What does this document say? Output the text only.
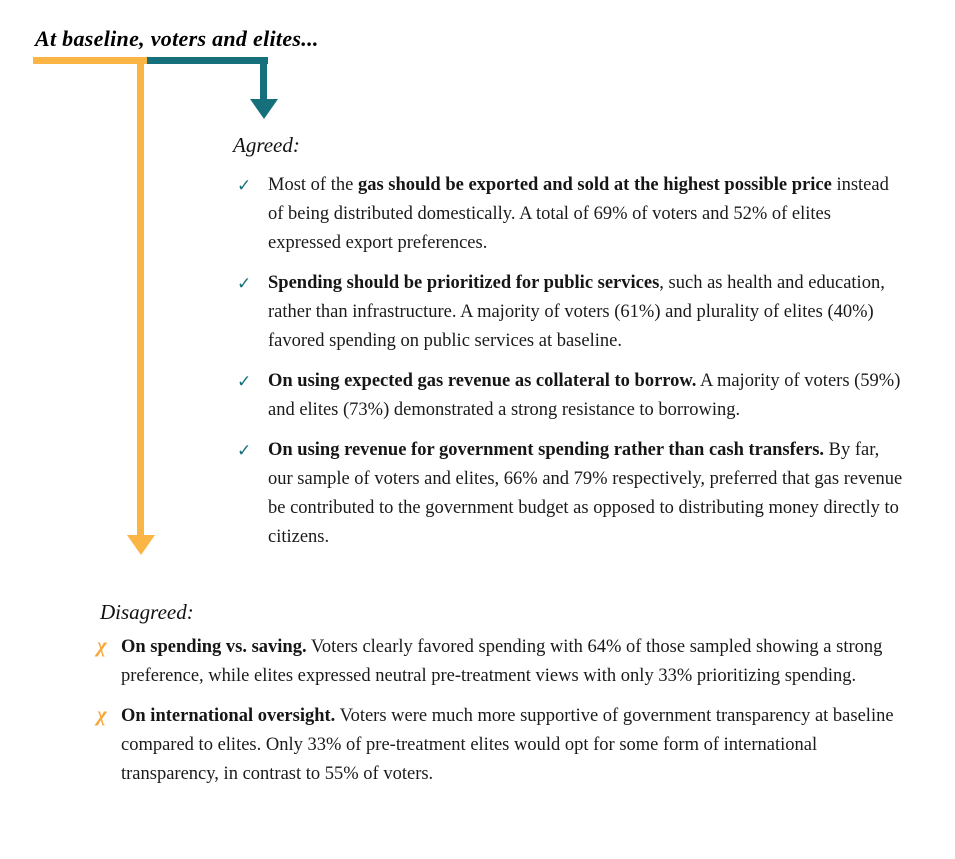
At baseline, voters and elites...
Agreed:
✓ Most of the gas should be exported and sold at the highest possible price instead of being distributed domestically. A total of 69% of voters and 52% of elites expressed export preferences.

✓ Spending should be prioritized for public services, such as health and education, rather than infrastructure. A majority of voters (61%) and plurality of elites (40%) favored spending on public services at baseline.

✓ On using expected gas revenue as collateral to borrow. A majority of voters (59%) and elites (73%) demonstrated a strong resistance to borrowing.

✓ On using revenue for government spending rather than cash transfers. By far, our sample of voters and elites, 66% and 79% respectively, preferred that gas revenue be contributed to the government budget as opposed to distributing money directly to citizens.

Disagreed:
χ On spending vs. saving. Voters clearly favored spending with 64% of those sampled showing a strong preference, while elites expressed neutral pre-treatment views with only 33% prioritizing spending.

χ On international oversight. Voters were much more supportive of government transparency at baseline compared to elites. Only 33% of pre-treatment elites would opt for some form of international transparency, in contrast to 55% of voters.
